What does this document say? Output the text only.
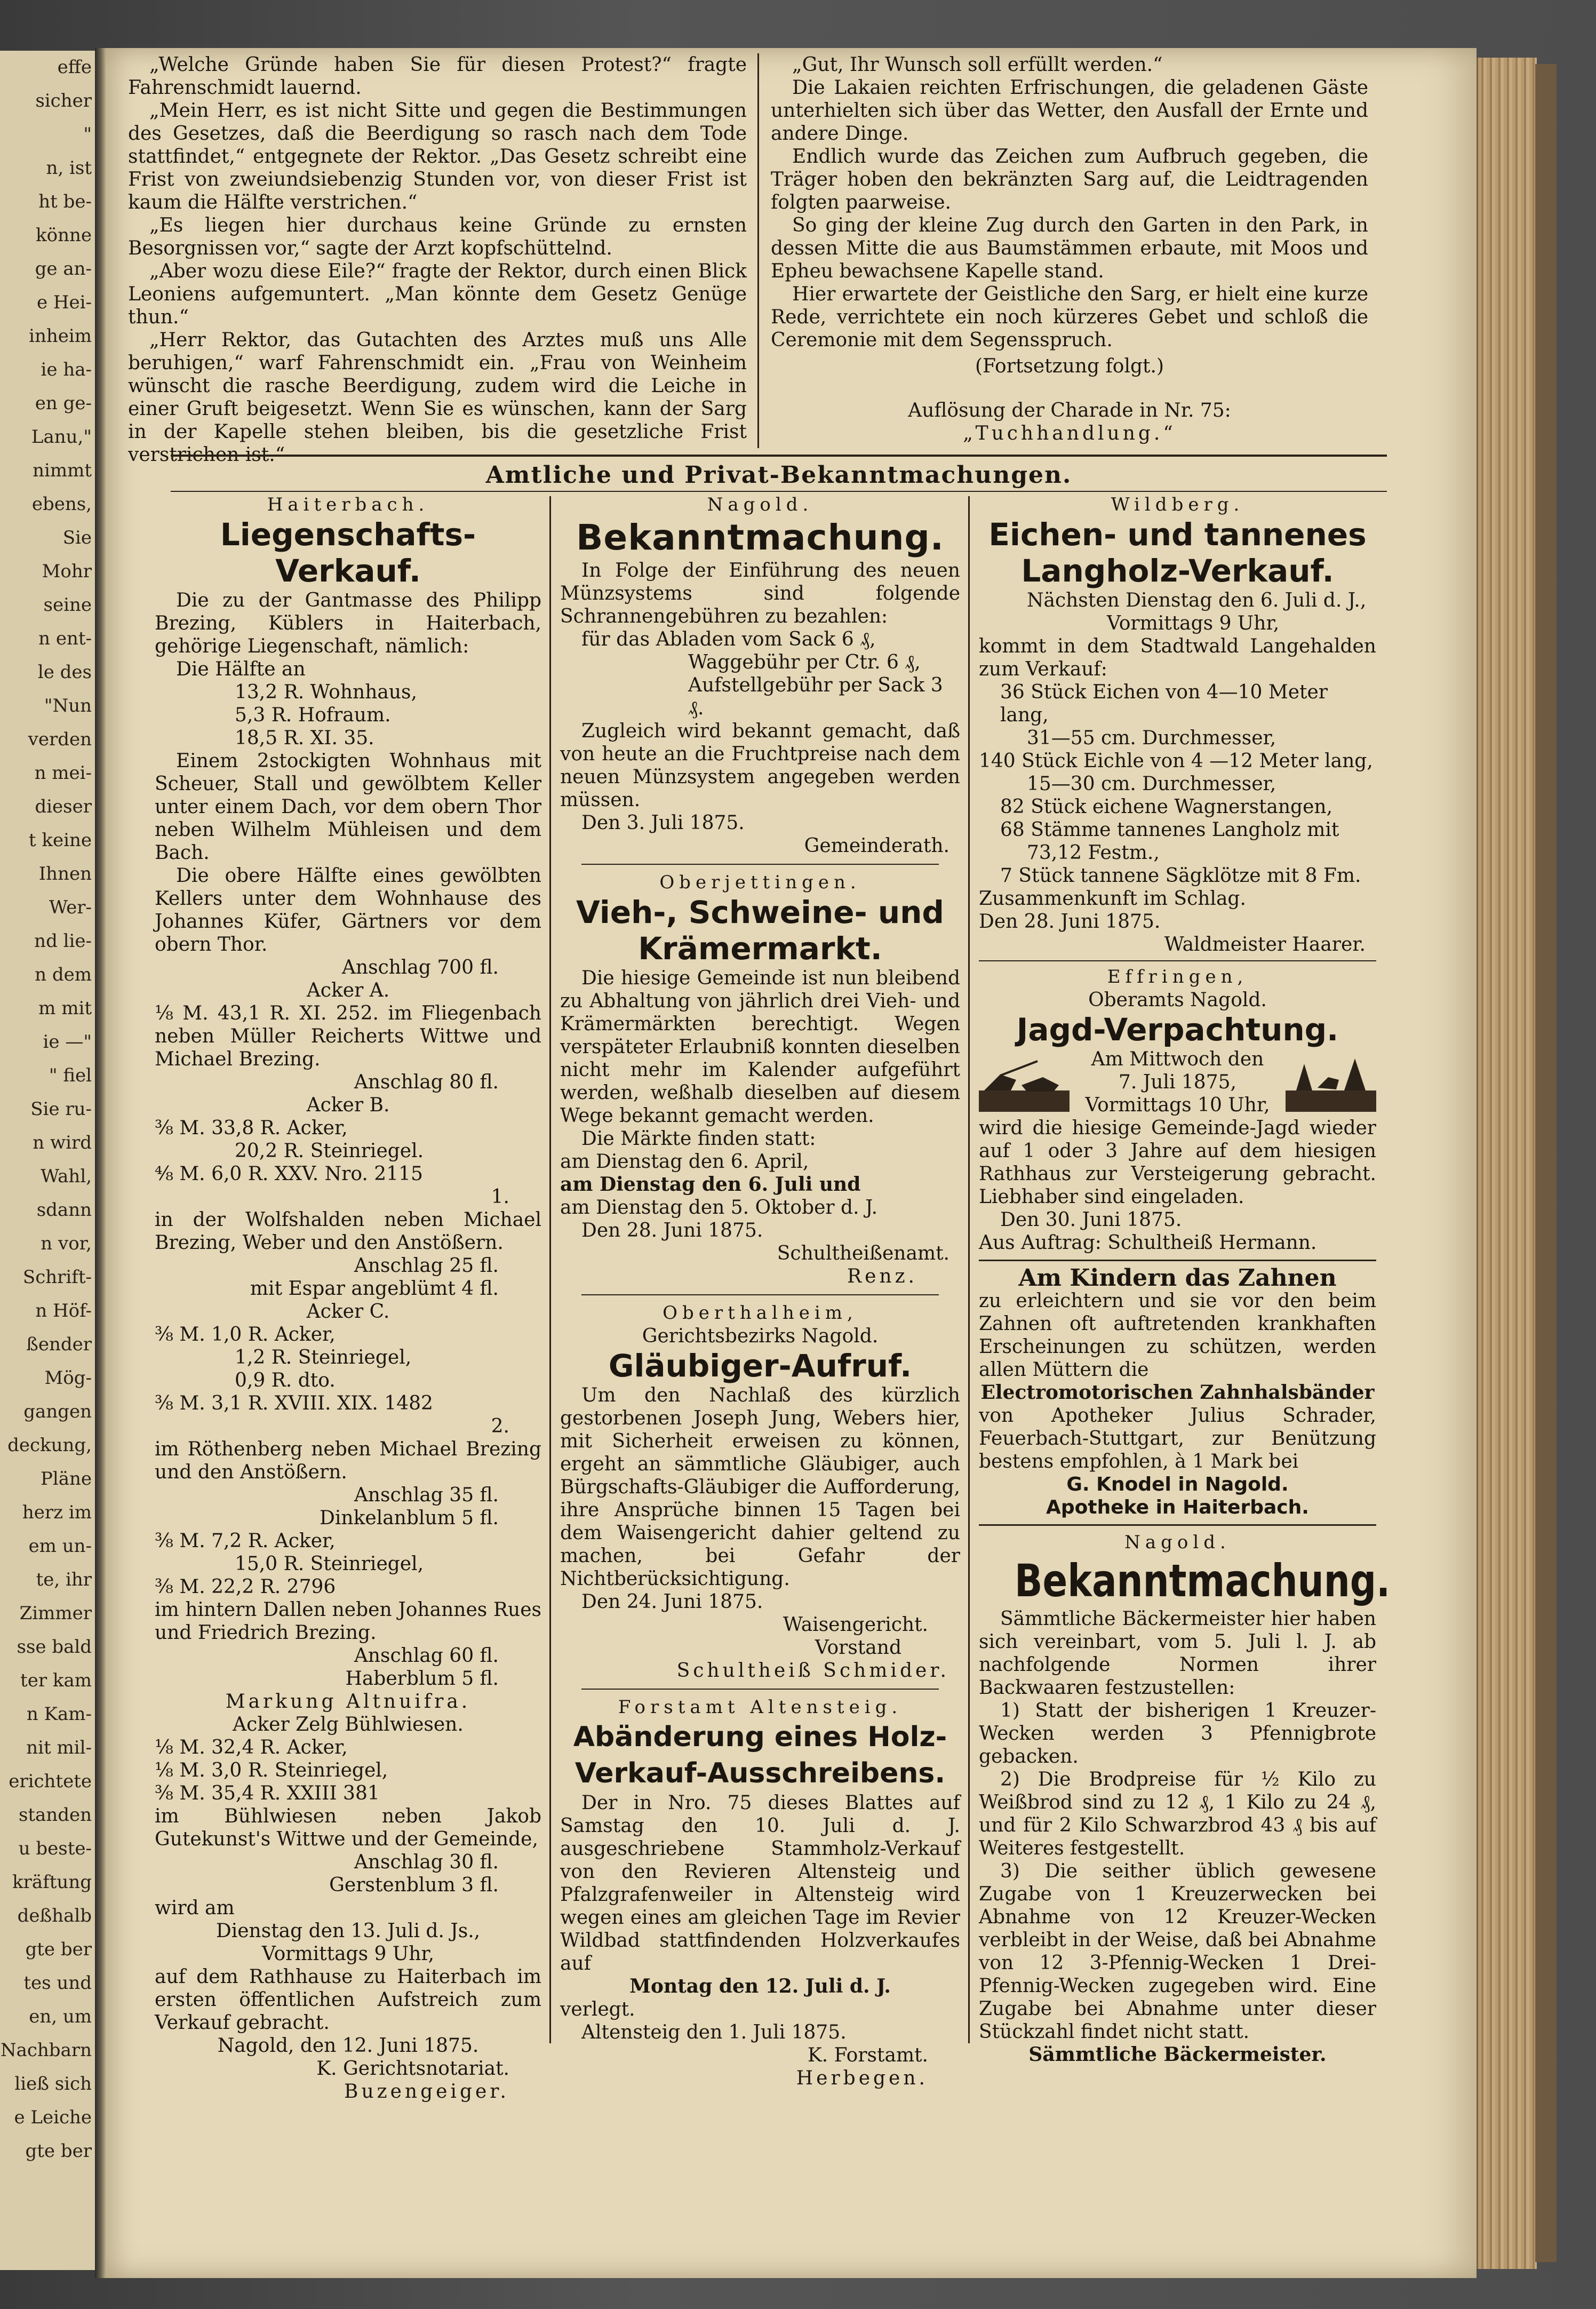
effe
sicher
"
n, ist
ht be-
könne
ge an-
e Hei-
inheim
ie ha-
en ge-
Lanu,"
nimmt
ebens,
Sie
Mohr
seine
n ent-
le des
"Nun
verden
n mei-
dieser
t keine
Ihnen
Wer-
nd lie-
n dem
m mit
ie —"
" fiel
Sie ru-
n wird
Wahl,
sdann
n vor,
Schrift-
n Höf-
ßender
Mög-
gangen
deckung,
Pläne
herz im
em un-
te, ihr
Zimmer
sse bald
ter kam
n Kam-
nit mil-
erichtete
standen
u beste-
kräftung
deßhalb
gte ber
tes und
en, um
Nachbarn
ließ sich
e Leiche
gte ber

„Welche Gründe haben Sie für diesen Protest?“ fragte Fahrenschmidt lauernd.

„Mein Herr, es ist nicht Sitte und gegen die Bestimmungen des Gesetzes, daß die Beerdigung so rasch nach dem Tode stattfindet,“ entgegnete der Rektor. „Das Gesetz schreibt eine Frist von zweiundsiebenzig Stunden vor, von dieser Frist ist kaum die Hälfte verstrichen.“

„Es liegen hier durchaus keine Gründe zu ernsten Besorgnissen vor,“ sagte der Arzt kopfschüttelnd.

„Aber wozu diese Eile?“ fragte der Rektor, durch einen Blick Leoniens aufgemuntert. „Man könnte dem Gesetz Genüge thun.“

„Herr Rektor, das Gutachten des Arztes muß uns Alle beruhigen,“ warf Fahrenschmidt ein. „Frau von Weinheim wünscht die rasche Beerdigung, zudem wird die Leiche in einer Gruft beigesetzt. Wenn Sie es wünschen, kann der Sarg in der Kapelle stehen bleiben, bis die gesetzliche Frist verstrichen ist.“

„Gut, Ihr Wunsch soll erfüllt werden.“

Die Lakaien reichten Erfrischungen, die geladenen Gäste unterhielten sich über das Wetter, den Ausfall der Ernte und andere Dinge.

Endlich wurde das Zeichen zum Aufbruch gegeben, die Träger hoben den bekränzten Sarg auf, die Leidtragenden folgten paarweise.

So ging der kleine Zug durch den Garten in den Park, in dessen Mitte die aus Baumstämmen erbaute, mit Moos und Epheu bewachsene Kapelle stand.

Hier erwartete der Geistliche den Sarg, er hielt eine kurze Rede, verrichtete ein noch kürzeres Gebet und schloß die Ceremonie mit dem Segensspruch.

(Fortsetzung folgt.)
Auflösung der Charade in Nr. 75:
„Tuchhandlung.“
Amtliche und Privat-Bekanntmachungen.
Haiterbach.
Liegenschafts-Verkauf.

Die zu der Gantmasse des Philipp Brezing, Küblers in Haiterbach, gehörige Liegenschaft, nämlich:

Die Hälfte an
13,2 R. Wohnhaus,
5,3 R. Hofraum.
18,5 R. XI. 35.

Einem 2stockigten Wohnhaus mit Scheuer, Stall und gewölbtem Keller unter einem Dach, vor dem obern Thor neben Wilhelm Mühleisen und dem Bach.

Die obere Hälfte eines gewölbten Kellers unter dem Wohnhause des Johannes Küfer, Gärtners vor dem obern Thor.

Anschlag 700 fl.
Acker A.

⅛ M. 43,1 R. XI. 252. im Fliegenbach neben Müller Reicherts Wittwe und Michael Brezing.

Anschlag 80 fl.
Acker B.
⅜ M. 33,8 R. Acker,
20,2 R. Steinriegel.
⁴⁄₈ M. 6,0 R. XXV. Nro. 2115
1.

in der Wolfshalden neben Michael Brezing, Weber und den Anstößern.

Anschlag 25 fl.
mit Espar angeblümt 4 fl.
Acker C.
⅜ M. 1,0 R. Acker,
1,2 R. Steinriegel,
0,9 R. dto.
⅜ M. 3,1 R. XVIII. XIX. 1482
2.

im Röthenberg neben Michael Brezing und den Anstößern.

Anschlag 35 fl.
Dinkelanblum 5 fl.
⅜ M. 7,2 R. Acker,
15,0 R. Steinriegel,
⅜ M. 22,2 R. 2796

im hintern Dallen neben Johannes Rues und Friedrich Brezing.

Anschlag 60 fl.
Haberblum 5 fl.
Markung Altnuifra.
Acker Zelg Bühlwiesen.
⅛ M. 32,4 R. Acker,
⅛ M. 3,0 R. Steinriegel,
⅜ M. 35,4 R. XXIII 381

im Bühlwiesen neben Jakob Gutekunst's Wittwe und der Gemeinde,

Anschlag 30 fl.
Gerstenblum 3 fl.
wird am
Dienstag den 13. Juli d. Js.,
Vormittags 9 Uhr,

auf dem Rathhause zu Haiterbach im ersten öffentlichen Aufstreich zum Verkauf gebracht.

Nagold, den 12. Juni 1875.
K. Gerichtsnotariat.
Buzengeiger.
Nagold.
Bekanntmachung.

In Folge der Einführung des neuen Münzsystems sind folgende Schrannengebühren zu bezahlen:

für das Abladen vom Sack 6 ₰,
Waggebühr per Ctr. 6 ₰,
Aufstellgebühr per Sack 3 ₰.

Zugleich wird bekannt gemacht, daß von heute an die Fruchtpreise nach dem neuen Münzsystem angegeben werden müssen.

Den 3. Juli 1875.
Gemeinderath.
Oberjettingen.
Vieh-, Schweine- und
Krämermarkt.

Die hiesige Gemeinde ist nun bleibend zu Abhaltung von jährlich drei Vieh- und Krämermärkten berechtigt. Wegen verspäteter Erlaubniß konnten dieselben nicht mehr im Kalender aufgeführt werden, weßhalb dieselben auf diesem Wege bekannt gemacht werden.

Die Märkte finden statt:
am Dienstag den 6. April,
am Dienstag den 6. Juli und
am Dienstag den 5. Oktober d. J.
Den 28. Juni 1875.
Schultheißenamt.
Renz.
Oberthalheim,
Gerichtsbezirks Nagold.
Gläubiger-Aufruf.

Um den Nachlaß des kürzlich gestorbenen Joseph Jung, Webers hier, mit Sicherheit erweisen zu können, ergeht an sämmtliche Gläubiger, auch Bürgschafts-Gläubiger die Aufforderung, ihre Ansprüche binnen 15 Tagen bei dem Waisengericht dahier geltend zu machen, bei Gefahr der Nichtberücksichtigung.

Den 24. Juni 1875.
Waisengericht.
Vorstand
Schultheiß Schmider.
Forstamt Altensteig.
Abänderung eines Holz-
Verkauf-Ausschreibens.

Der in Nro. 75 dieses Blattes auf Samstag den 10. Juli d. J. ausgeschriebene Stammholz-Verkauf von den Revieren Altensteig und Pfalzgrafenweiler in Altensteig wird wegen eines am gleichen Tage im Revier Wildbad stattfindenden Holzverkaufes auf

Montag den 12. Juli d. J.
verlegt.
Altensteig den 1. Juli 1875.
K. Forstamt.
Herbegen.
Wildberg.
Eichen- und tannenes
Langholz-Verkauf.
Nächsten Dienstag den 6. Juli d. J.,
Vormittags 9 Uhr,

kommt in dem Stadtwald Langehalden zum Verkauf:

36 Stück Eichen von 4—10 Meter lang,
31—55 cm. Durchmesser,
140 Stück Eichle von 4 —12 Meter lang,
15—30 cm. Durchmesser,
82 Stück eichene Wagnerstangen,
68 Stämme tannenes Langholz mit
73,12 Festm.,
7 Stück tannene Sägklötze mit 8 Fm.
Zusammenkunft im Schlag.
Den 28. Juni 1875.
Waldmeister Haarer.
Effringen,
Oberamts Nagold.
Jagd-Verpachtung.
Am Mittwoch den
7. Juli 1875,
Vormittags 10 Uhr,

wird die hiesige Gemeinde-Jagd wieder auf 1 oder 3 Jahre auf dem hiesigen Rathhaus zur Versteigerung gebracht. Liebhaber sind eingeladen.

Den 30. Juni 1875.
Aus Auftrag: Schultheiß Hermann.
Am Kindern das Zahnen

zu erleichtern und sie vor den beim Zahnen oft auftretenden krankhaften Erscheinungen zu schützen, werden allen Müttern die

Electromotorischen Zahnhalsbänder

von Apotheker Julius Schrader, Feuerbach-Stuttgart, zur Benützung bestens empfohlen, à 1 Mark bei

G. Knodel in Nagold.
Apotheke in Haiterbach.
Nagold.
Bekanntmachung.

Sämmtliche Bäckermeister hier haben sich vereinbart, vom 5. Juli l. J. ab nachfolgende Normen ihrer Backwaaren festzustellen:

1) Statt der bisherigen 1 Kreuzer-Wecken werden 3 Pfennigbrote gebacken.

2) Die Brodpreise für ½ Kilo zu Weißbrod sind zu 12 ₰, 1 Kilo zu 24 ₰, und für 2 Kilo Schwarzbrod 43 ₰ bis auf Weiteres festgestellt.

3) Die seither üblich gewesene Zugabe von 1 Kreuzerwecken bei Abnahme von 12 Kreuzer-Wecken verbleibt in der Weise, daß bei Abnahme von 12 3-Pfennig-Wecken 1 Drei-Pfennig-Wecken zugegeben wird. Eine Zugabe bei Abnahme unter dieser Stückzahl findet nicht statt.

Sämmtliche Bäckermeister.
